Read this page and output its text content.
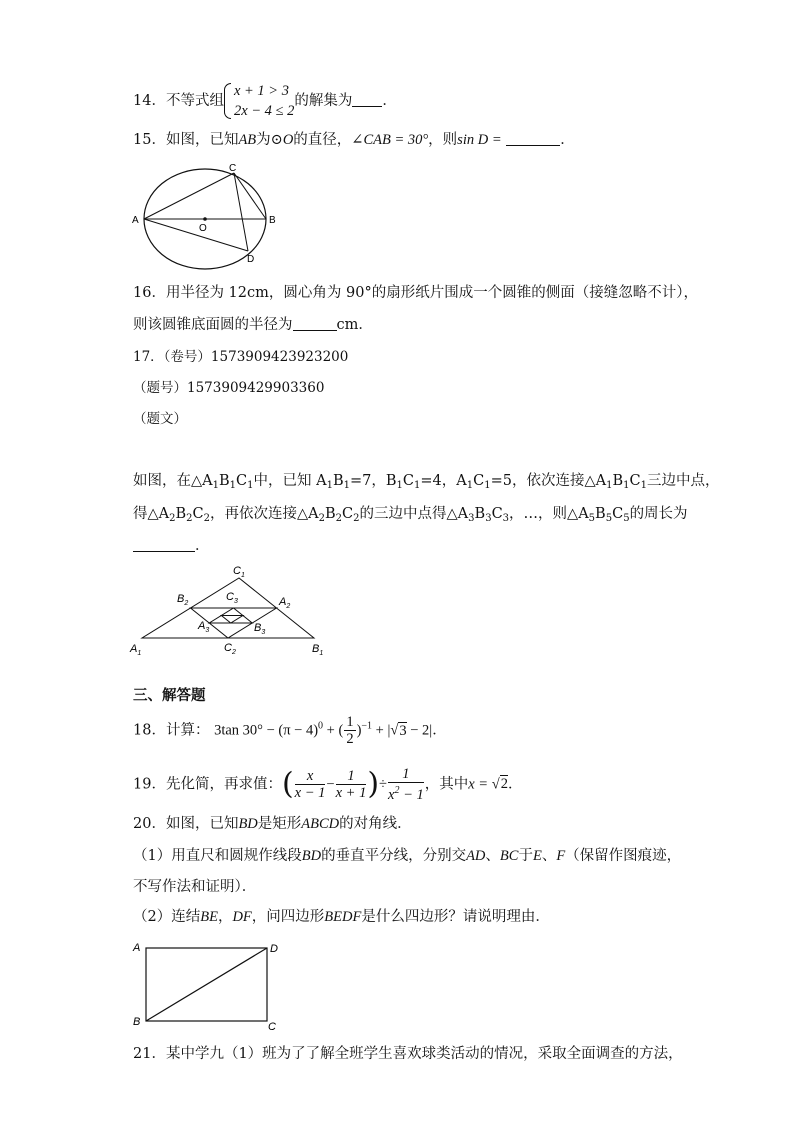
14．不等式组
x + 1 > 3
2x − 4 ≤ 2
的解集为 ．
15．如图，已知AB为⊙O的直径，∠CAB = 30°，则sin D =	．
A	B
C
D
O
16．用半径为 12cm，圆心角为 90°的扇形纸片围成一个圆锥的侧面（接缝忽略不计），
则该圆锥底面圆的半径为	cm．
17．（卷号）1573909423923200
（题号）1573909429903360
（题文）
如图，在$\triangle A_1B_1C_1$中，已知 $A_1B_1=7$，$B_1C_1=4$，$A_1C_1=5$，依次连接$\triangle A_1B_1C_1$三边中点，
得$\triangle A_2B_2C_2$，再依次连接$\triangle A_2B_2C_2$的三边中点得$\triangle A_3B_3C_3$，…，则$\triangle A_5B_5C_5$的周长为
．
$A_1$	$B_1$
$C_1$
$B_2$	$A_2$
$C_2$
$C_3$
$A_3$	$B_3$
三、解答题
18．计算： 3tan $30^\circ - (\pi - 4)^0$ + ( $\frac{1}{2} )^{-1} + |√3 - 2|$．
19．先化简，再求值：( $\frac{x}{x - 1} - \frac{1}{x + 1}$ )÷ $\frac{1}{x^2 - 1}$ ，其中x = √2．
20．如图，已知BD是矩形ABCD的对角线．
（1）用直尺和圆规作线段BD的垂直平分线，分别交AD、BC于E、F（保留作图痕迹，
不写作法和证明）．
（2）连结BE，DF，问四边形BEDF是什么四边形？请说明理由．
A	D
B	C
21．某中学九（1）班为了了解全班学生喜欢球类活动的情况，采取全面调查的方法，
